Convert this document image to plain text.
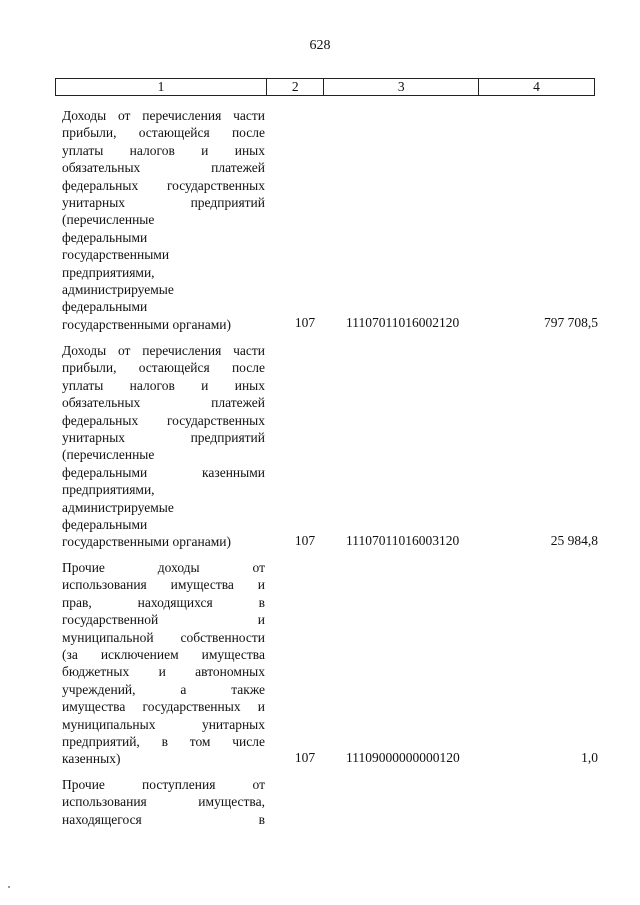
628
1	2	3	4
Доходы от перечисления части
прибыли, остающейся после
уплаты налогов и иных
обязательных платежей
федеральных государственных
унитарных предприятий
(перечисленные
федеральными
государственными
предприятиями,
администрируемые
федеральными
государственными органами)	107	11107011016002120	797 708,5
Доходы от перечисления части
прибыли, остающейся после
уплаты налогов и иных
обязательных платежей
федеральных государственных
унитарных предприятий
(перечисленные
федеральными казенными
предприятиями,
администрируемые
федеральными
государственными органами)	107	11107011016003120	25 984,8
Прочие доходы от
использования имущества и
прав, находящихся в
государственной и
муниципальной собственности
(за исключением имущества
бюджетных и автономных
учреждений, а также
имущества государственных и
муниципальных унитарных
предприятий, в том числе
казенных)	107	11109000000000120	1,0
Прочие поступления от
использования имущества,
находящегося в
